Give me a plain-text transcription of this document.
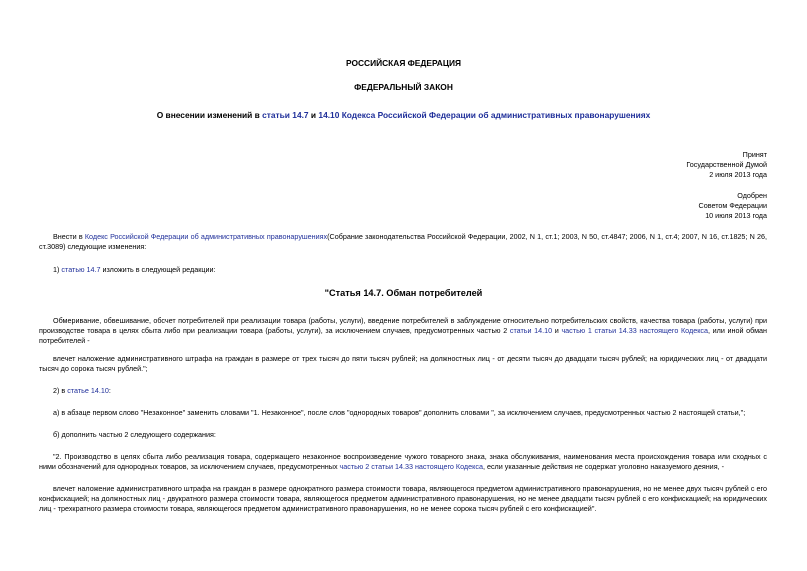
РОССИЙСКАЯ ФЕДЕРАЦИЯ
ФЕДЕРАЛЬНЫЙ ЗАКОН
О внесении изменений в статьи 14.7 и 14.10 Кодекса Российской Федерации об административных правонарушениях
Принят
Государственной Думой
2 июля 2013 года
Одобрен
Советом Федерации
10 июля 2013 года
Внести в Кодекс Российской Федерации об административных правонарушениях(Собрание законодательства Российской Федерации, 2002, N 1, ст.1; 2003, N 50, ст.4847; 2006, N 1, ст.4; 2007, N 16, ст.1825; N 26, ст.3089) следующие изменения:
1) статью 14.7 изложить в следующей редакции:
"Статья 14.7. Обман потребителей
Обмеривание, обвешивание, обсчет потребителей при реализации товара (работы, услуги), введение потребителей в заблуждение относительно потребительских свойств, качества товара (работы, услуги) при производстве товара в целях сбыта либо при реализации товара (работы, услуги), за исключением случаев, предусмотренных частью 2 статьи 14.10 и частью 1 статьи 14.33 настоящего Кодекса, или иной обман потребителей -
влечет наложение административного штрафа на граждан в размере от трех тысяч до пяти тысяч рублей; на должностных лиц - от десяти тысяч до двадцати тысяч рублей; на юридических лиц - от двадцати тысяч до сорока тысяч рублей.";
2) в статье 14.10:
а) в абзаце первом слово "Незаконное" заменить словами "1. Незаконное", после слов "однородных товаров" дополнить словами ", за исключением случаев, предусмотренных частью 2 настоящей статьи,";
б) дополнить частью 2 следующего содержания:
"2. Производство в целях сбыта либо реализация товара, содержащего незаконное воспроизведение чужого товарного знака, знака обслуживания, наименования места происхождения товара или сходных с ними обозначений для однородных товаров, за исключением случаев, предусмотренных частью 2 статьи 14.33 настоящего Кодекса, если указанные действия не содержат уголовно наказуемого деяния, -
влечет наложение административного штрафа на граждан в размере однократного размера стоимости товара, являющегося предметом административного правонарушения, но не менее двух тысяч рублей с его конфискацией; на должностных лиц - двукратного размера стоимости товара, являющегося предметом административного правонарушения, но не менее двадцати тысяч рублей с его конфискацией; на юридических лиц - трехкратного размера стоимости товара, являющегося предметом административного правонарушения, но не менее сорока тысяч рублей с его конфискацией".
